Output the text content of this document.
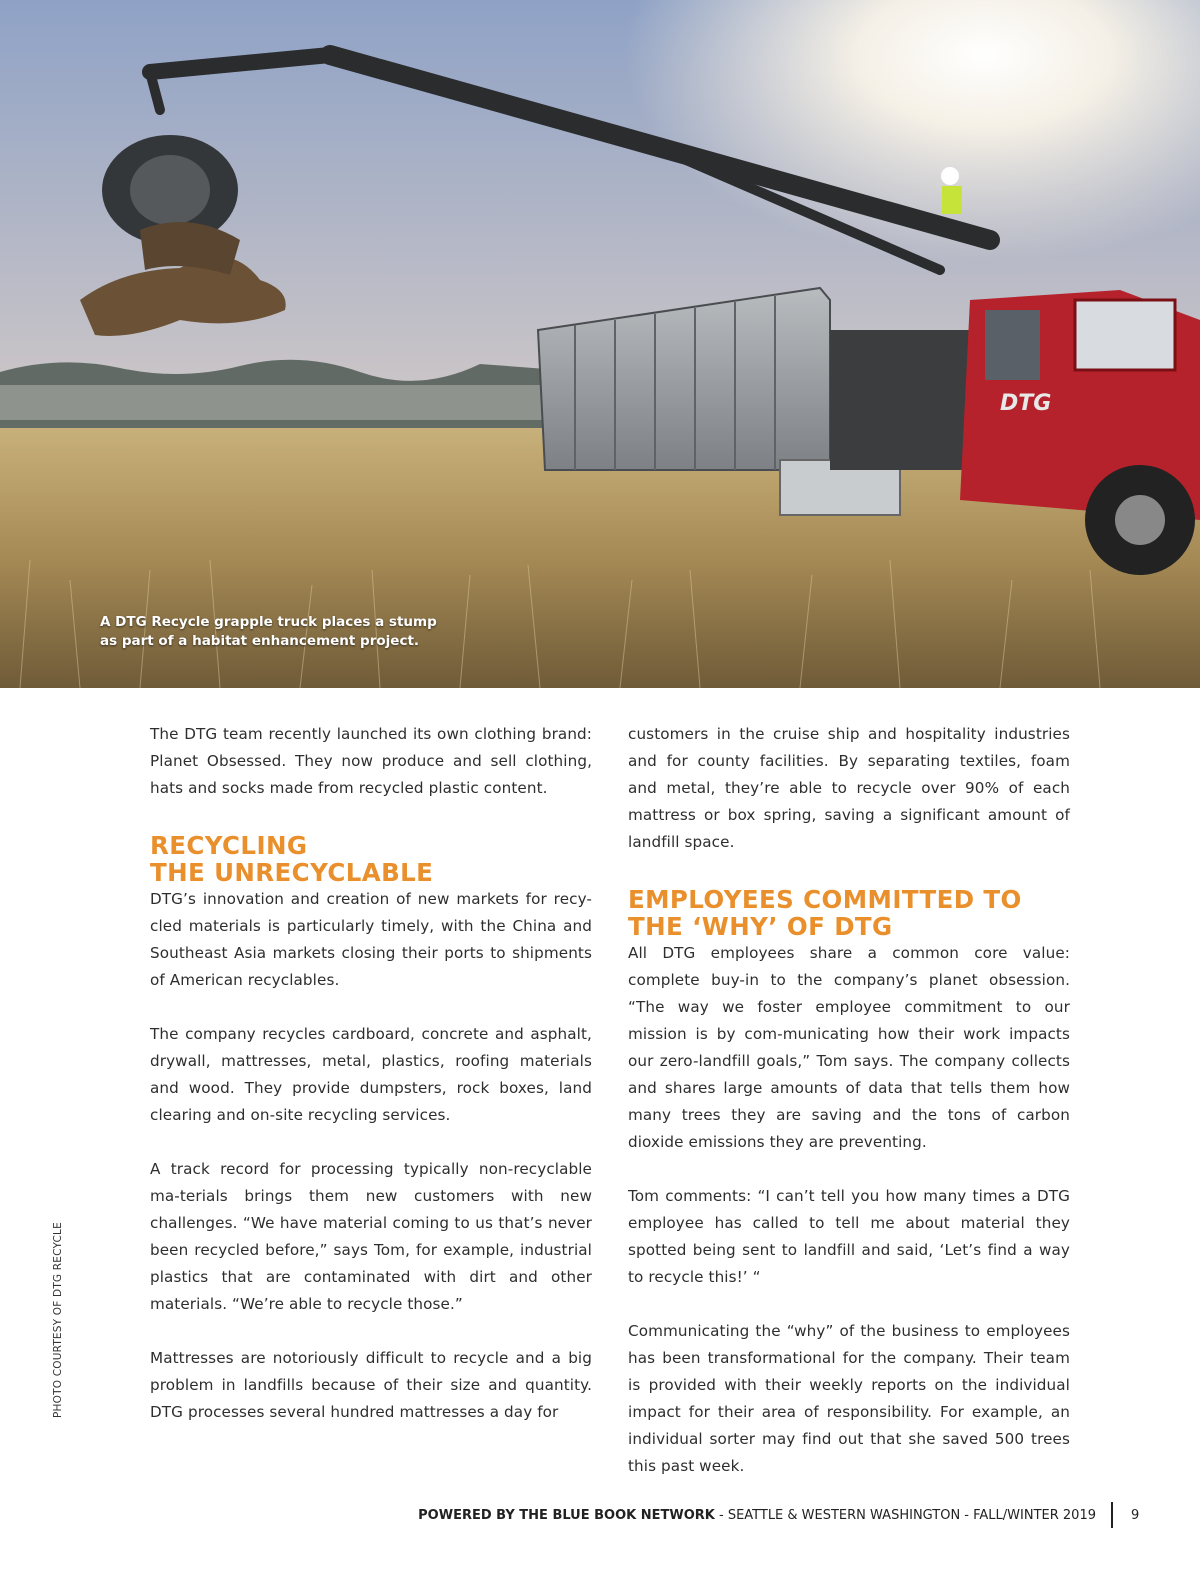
DTG
A DTG Recycle grapple truck places a stump
as part of a habitat enhancement project.
PHOTO COURTESY OF DTG RECYCLE

The DTG team recently launched its own clothing brand: Planet Obsessed. They now produce and sell clothing, hats and socks made from recycled plastic content.

RECYCLING
THE UNRECYCLABLE

DTG’s innovation and creation of new markets for recy-cled materials is particularly timely, with the China and Southeast Asia markets closing their ports to shipments of American recyclables.

The company recycles cardboard, concrete and asphalt, drywall, mattresses, metal, plastics, roofing materials and wood. They provide dumpsters, rock boxes, land clearing and on-site recycling services.

A track record for processing typically non-recyclable ma-terials brings them new customers with new challenges. “We have material coming to us that’s never been recycled before,” says Tom, for example, industrial plastics that are contaminated with dirt and other materials. “We’re able to recycle those.”

Mattresses are notoriously difficult to recycle and a big problem in landfills because of their size and quantity. DTG processes several hundred mattresses a day for

customers in the cruise ship and hospitality industries and for county facilities. By separating textiles, foam and metal, they’re able to recycle over 90% of each mattress or box spring, saving a significant amount of landfill space.

EMPLOYEES COMMITTED TO
THE ‘WHY’ OF DTG

All DTG employees share a common core value: complete buy-in to the company’s planet obsession. “The way we foster employee commitment to our mission is by com-municating how their work impacts our zero-landfill goals,” Tom says. The company collects and shares large amounts of data that tells them how many trees they are saving and the tons of carbon dioxide emissions they are preventing.

Tom comments: “I can’t tell you how many times a DTG employee has called to tell me about material they spotted being sent to landfill and said, ‘Let’s find a way to recycle this!’ “

Communicating the “why” of the business to employees has been transformational for the company. Their team is provided with their weekly reports on the individual impact for their area of responsibility. For example, an individual sorter may find out that she saved 500 trees this past week.

POWERED BY THE BLUE BOOK NETWORK - SEATTLE & WESTERN WASHINGTON - FALL/WINTER 2019	9
